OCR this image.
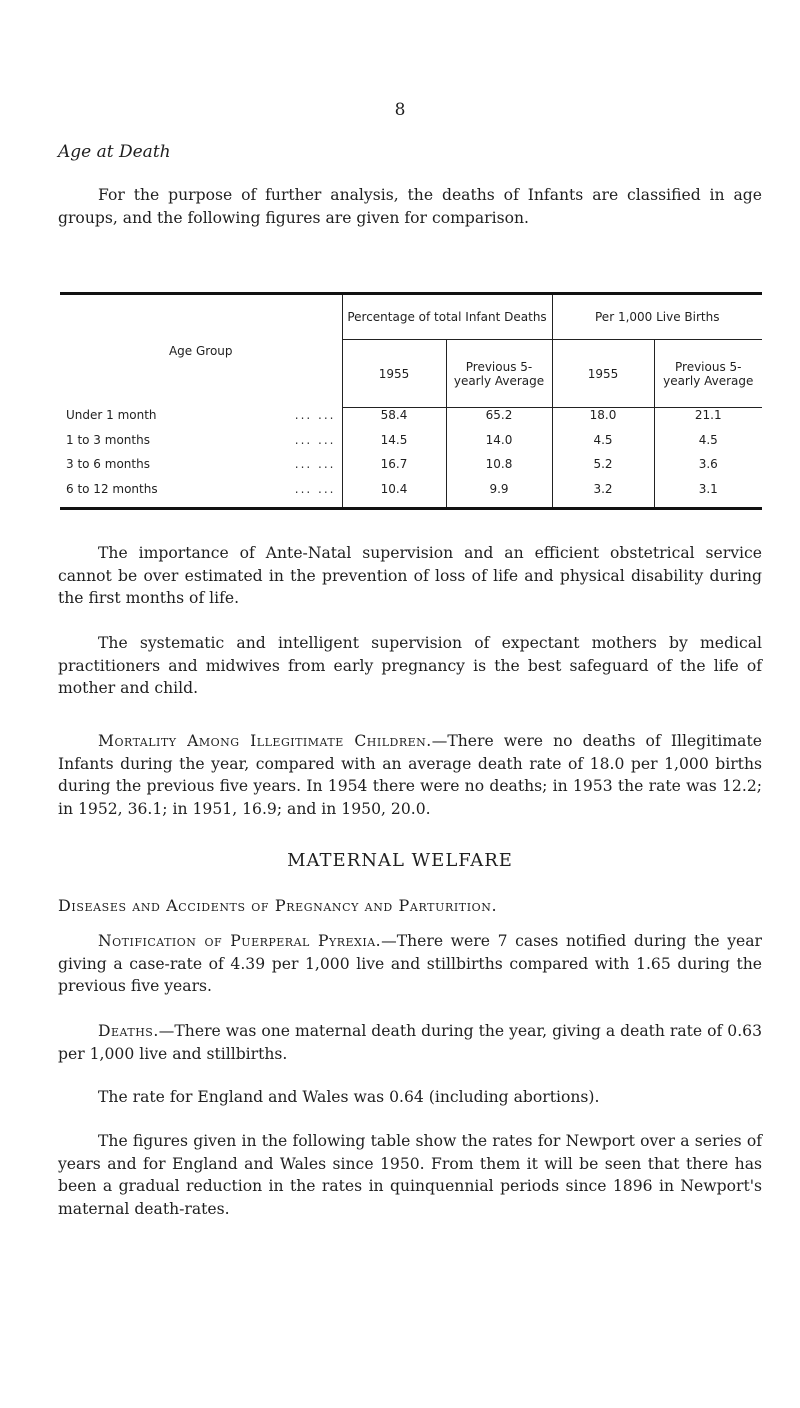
8
Age at Death

For the purpose of further analysis, the deaths of Infants are classified in age groups, and the following figures are given for comparison.

Age Group	Percentage of total Infant Deaths		Per 1,000 Live Births	
	1955	Previous 5-yearly Average	1955	Previous 5-yearly Average
Under 1 month ... ...	58.4	65.2	18.0	21.1
1 to 3 months ... ...	14.5	14.0	4.5	4.5
3 to 6 months ... ...	16.7	10.8	5.2	3.6
6 to 12 months ... ...	10.4	9.9	3.2	3.1

The importance of Ante-Natal supervision and an efficient obstetrical service cannot be over estimated in the prevention of loss of life and physical disability during the first months of life.

The systematic and intelligent supervision of expectant mothers by medical practitioners and midwives from early pregnancy is the best safeguard of the life of mother and child.

Mortality Among Illegitimate Children.—There were no deaths of Illegitimate Infants during the year, compared with an average death rate of 18.0 per 1,000 births during the previous five years. In 1954 there were no deaths; in 1953 the rate was 12.2; in 1952, 36.1; in 1951, 16.9; and in 1950, 20.0.

MATERNAL WELFARE
Diseases and Accidents of Pregnancy and Parturition.

Notification of Puerperal Pyrexia.—There were 7 cases notified during the year giving a case-rate of 4.39 per 1,000 live and stillbirths compared with 1.65 during the previous five years.

Deaths.—There was one maternal death during the year, giving a death rate of 0.63 per 1,000 live and stillbirths.

The rate for England and Wales was 0.64 (including abortions).

The figures given in the following table show the rates for Newport over a series of years and for England and Wales since 1950. From them it will be seen that there has been a gradual reduction in the rates in quinquennial periods since 1896 in Newport's maternal death-rates.
